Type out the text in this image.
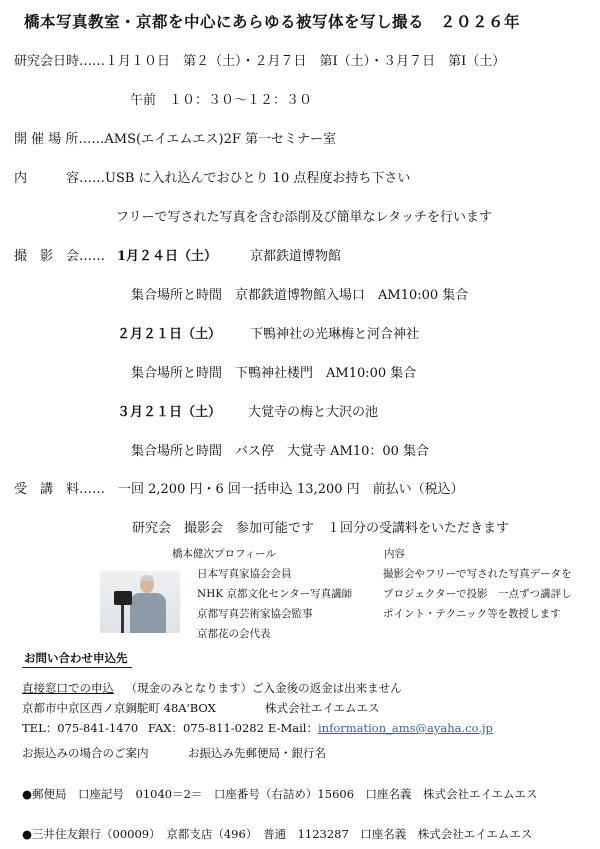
橋本写真教室・京都を中心にあらゆる被写体を写し撮る　２０２６年
研究会日時……１月１０日　第２（土）・２月７日　第Ⅰ（土）・３月７日　第Ⅰ（土）
午前　１０：３０～１２：３０
開 催 場 所……AMS(エイエムエス)2F 第一セミナー室
内　　　容……USB に入れ込んでおひとり 10 点程度お持ち下さい
フリーで写された写真を含む添削及び簡単なレタッチを行います
撮　影　会…… 1月２４日（土）	京都鉄道博物館
集合場所と時間　京都鉄道博物館入場口　AM10:00 集合
２月２１日（土） 下鴨神社の光琳梅と河合神社
集合場所と時間　下鴨神社楼門　AM10:00 集合
３月２１日（土） 大覚寺の梅と大沢の池
集合場所と時間　バス停　大覚寺 AM10：00 集合
受　講　料……　一回 2,200 円・6 回一括申込 13,200 円　前払い（税込）
研究会　撮影会　参加可能です　１回分の受講料をいただきます
橋本健次プロフィール
日本写真家協会会員
NHK 京都文化センター写真講師
京都写真芸術家協会監事
京都花の会代表
内容
撮影会やフリーで写された写真データを
プロジェクターで投影　一点ずつ講評し
ポイント・テクニック等を教授します
お問い合わせ申込先
直接窓口での申込 （現金のみとなります）ご入金後の返金は出来ません
京都市中京区西ノ京銅駝町 48A'BOX	株式会社エイエムエス
TEL：075-841-1470 FAX：075-811-0282 E-Mail：information_ams@ayaha.co.jp
お振込みの場合のご案内	お振込み先郵便局・銀行名
●郵便局　口座記号　01040＝2＝　口座番号（右詰め）15606　口座名義　株式会社エイエムエス
●三井住友銀行（00009）　京都支店（496）　普通　1123287　口座名義　株式会社エイエムエス
